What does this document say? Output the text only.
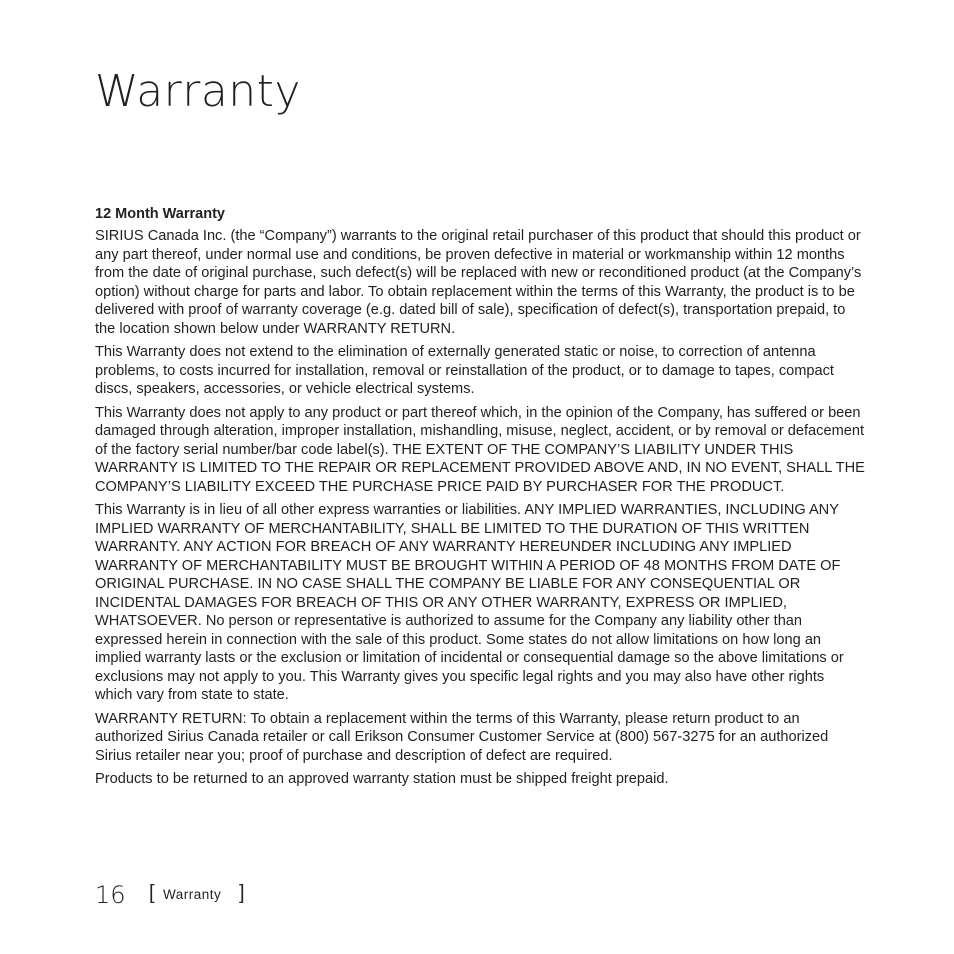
Warranty
12 Month Warranty

SIRIUS Canada Inc. (the “Company”) warrants to the original retail purchaser of this product that should this product or any part thereof, under normal use and conditions, be proven defective in material or workmanship within 12 months from the date of original purchase, such defect(s) will be replaced with new or reconditioned product (at the Company’s option) without charge for parts and labor. To obtain replacement within the terms of this Warranty, the product is to be delivered with proof of warranty coverage (e.g. dated bill of sale), specification of defect(s), transportation prepaid, to the location shown below under WARRANTY RETURN.

This Warranty does not extend to the elimination of externally generated static or noise, to correction of antenna problems, to costs incurred for installation, removal or reinstallation of the product, or to damage to tapes, compact discs, speakers, accessories, or vehicle electrical systems.

This Warranty does not apply to any product or part thereof which, in the opinion of the Company, has suffered or been damaged through alteration, improper installation, mishandling, misuse, neglect, accident, or by removal or defacement of the factory serial number/bar code label(s). THE EXTENT OF THE COMPANY’S LIABILITY UNDER THIS WARRANTY IS LIMITED TO THE REPAIR OR REPLACEMENT PROVIDED ABOVE AND, IN NO EVENT, SHALL THE COMPANY’S LIABILITY EXCEED THE PURCHASE PRICE PAID BY PURCHASER FOR THE PRODUCT.

This Warranty is in lieu of all other express warranties or liabilities. ANY IMPLIED WARRANTIES, INCLUDING ANY IMPLIED WARRANTY OF MERCHANTABILITY, SHALL BE LIMITED TO THE DURATION OF THIS WRITTEN WARRANTY. ANY ACTION FOR BREACH OF ANY WARRANTY HEREUNDER INCLUDING ANY IMPLIED WARRANTY OF MERCHANTABILITY MUST BE BROUGHT WITHIN A PERIOD OF 48 MONTHS FROM DATE OF ORIGINAL PURCHASE. IN NO CASE SHALL THE COMPANY BE LIABLE FOR ANY CONSEQUENTIAL OR INCIDENTAL DAMAGES FOR BREACH OF THIS OR ANY OTHER WARRANTY, EXPRESS OR IMPLIED, WHATSOEVER. No person or representative is authorized to assume for the Company any liability other than expressed herein in connection with the sale of this product. Some states do not allow limitations on how long an implied warranty lasts or the exclusion or limitation of incidental or consequential damage so the above limitations or exclusions may not apply to you. This Warranty gives you specific legal rights and you may also have other rights which vary from state to state.

WARRANTY RETURN: To obtain a replacement within the terms of this Warranty, please return product to an authorized Sirius Canada retailer or call Erikson Consumer Customer Service at (800) 567-3275 for an authorized Sirius retailer near you; proof of purchase and description of defect are required.

Products to be returned to an approved warranty station must be shipped freight prepaid.

16 [ Warranty ]
